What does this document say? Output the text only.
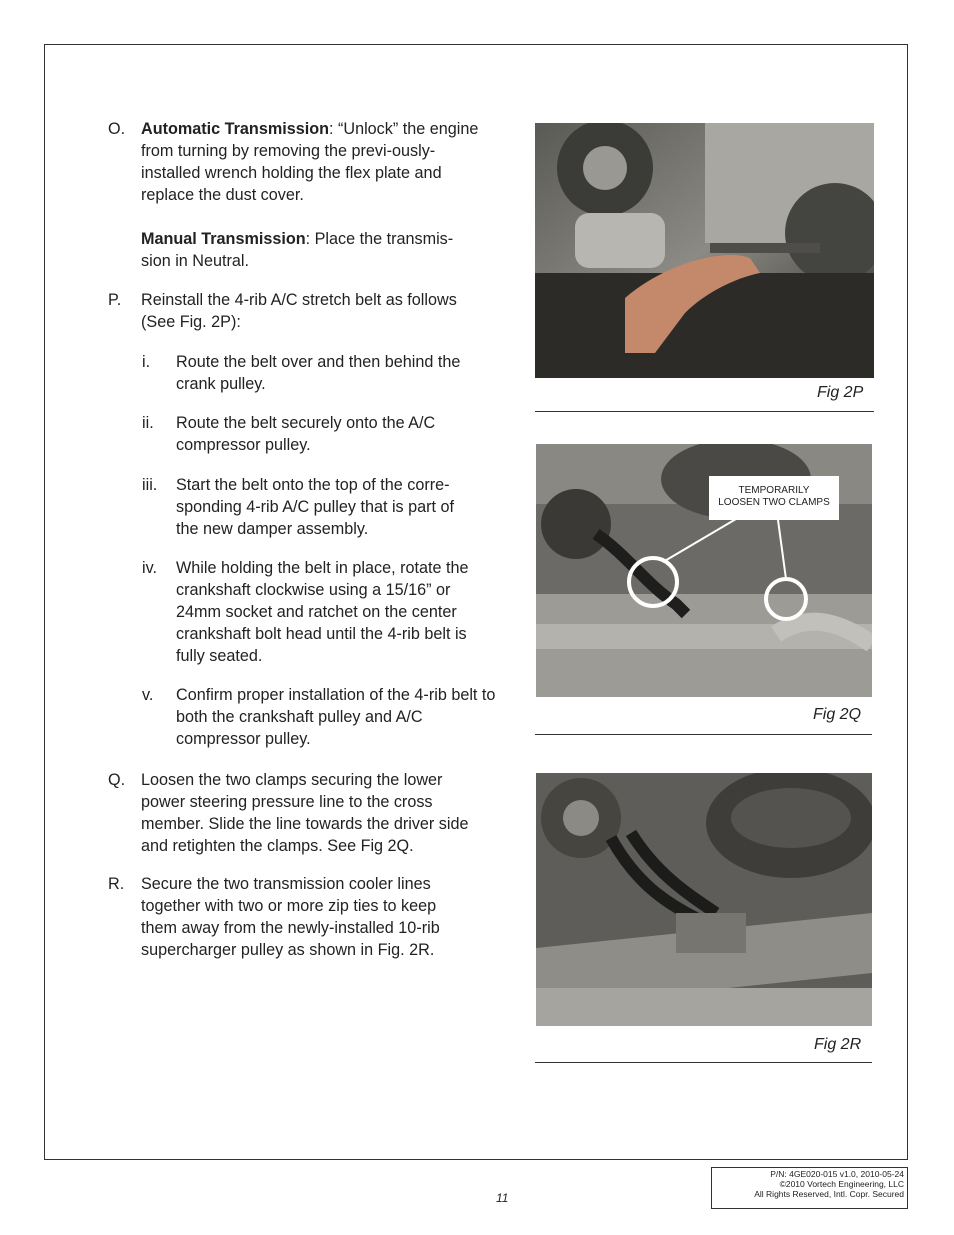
O. Automatic Transmission: “Unlock” the engine from turning by removing the previ-ously-installed wrench holding the flex plate and replace the dust cover.
Manual Transmission: Place the transmis-sion in Neutral.
P. Reinstall the 4-rib A/C stretch belt as follows (See Fig. 2P):
i. Route the belt over and then behind the crank pulley.
ii. Route the belt securely onto the A/C compressor pulley.
iii. Start the belt onto the top of the corre-sponding 4-rib A/C pulley that is part of the new damper assembly.
iv. While holding the belt in place, rotate the crankshaft clockwise using a 15/16” or 24mm socket and ratchet on the center crankshaft bolt head until the 4-rib belt is fully seated.
v. Confirm proper installation of the 4-rib belt to both the crankshaft pulley and A/C compressor pulley.
Q. Loosen the two clamps securing the lower power steering pressure line to the cross member. Slide the line towards the driver side and retighten the clamps. See Fig 2Q.
R. Secure the two transmission cooler lines together with two or more zip ties to keep them away from the newly-installed 10-rib supercharger pulley as shown in Fig. 2R.
Fig 2P
TEMPORARILY
LOOSEN TWO CLAMPS
Fig 2Q
Fig 2R
11
P/N: 4GE020-015 v1.0, 2010-05-24
©2010 Vortech Engineering, LLC
All Rights Reserved, Intl. Copr. Secured
